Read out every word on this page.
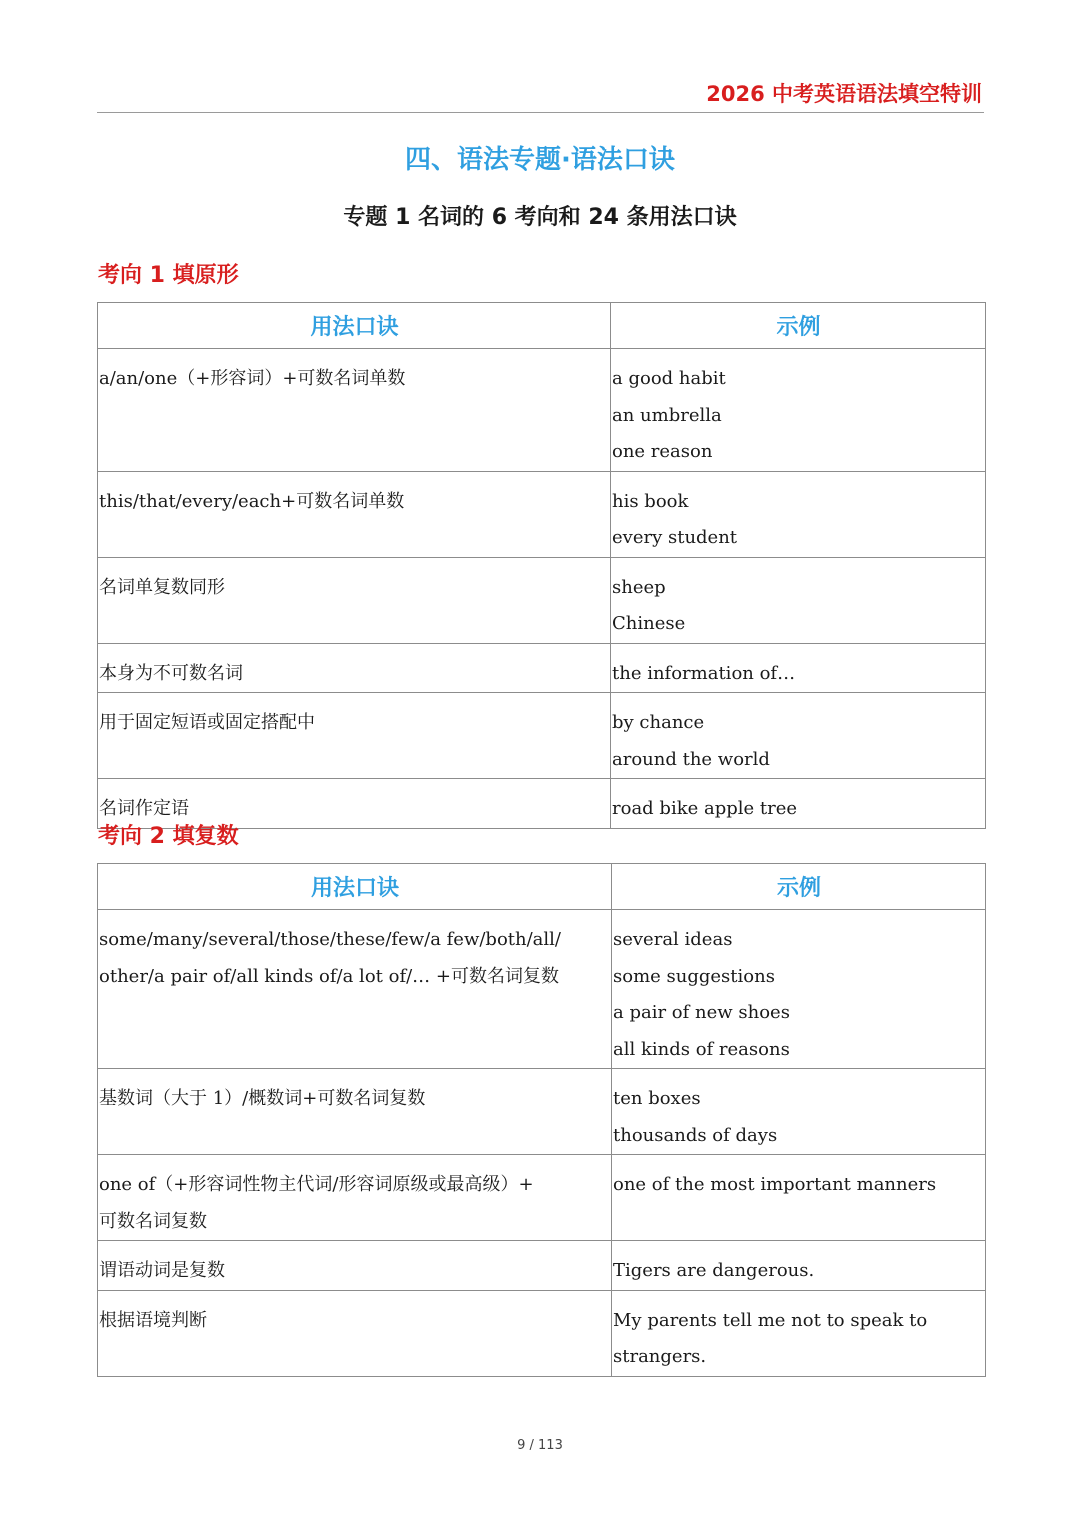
2026 中考英语语法填空特训
四、语法专题·语法口诀
专题 1 名词的 6 考向和 24 条用法口诀
考向 1 填原形
用法口诀	示例

a/an/one（+形容词）+可数名词单数	a good habit
an umbrella
one reason

this/that/every/each+可数名词单数	his book
every student

名词单复数同形	sheep
Chinese

本身为不可数名词	the information of…

用于固定短语或固定搭配中	by chance
around the world

名词作定语	road bike apple tree
考向 2 填复数
用法口诀	示例

some/many/several/those/these/few/a few/both/all/
other/a pair of/all kinds of/a lot of/… +可数名词复数	several ideas
some suggestions
a pair of new shoes
all kinds of reasons

基数词（大于 1）/概数词+可数名词复数	ten boxes
thousands of days

one of（+形容词性物主代词/形容词原级或最高级）+
可数名词复数	one of the most important manners

谓语动词是复数	Tigers are dangerous.

根据语境判断	My parents tell me not to speak to
strangers.
9 / 113
